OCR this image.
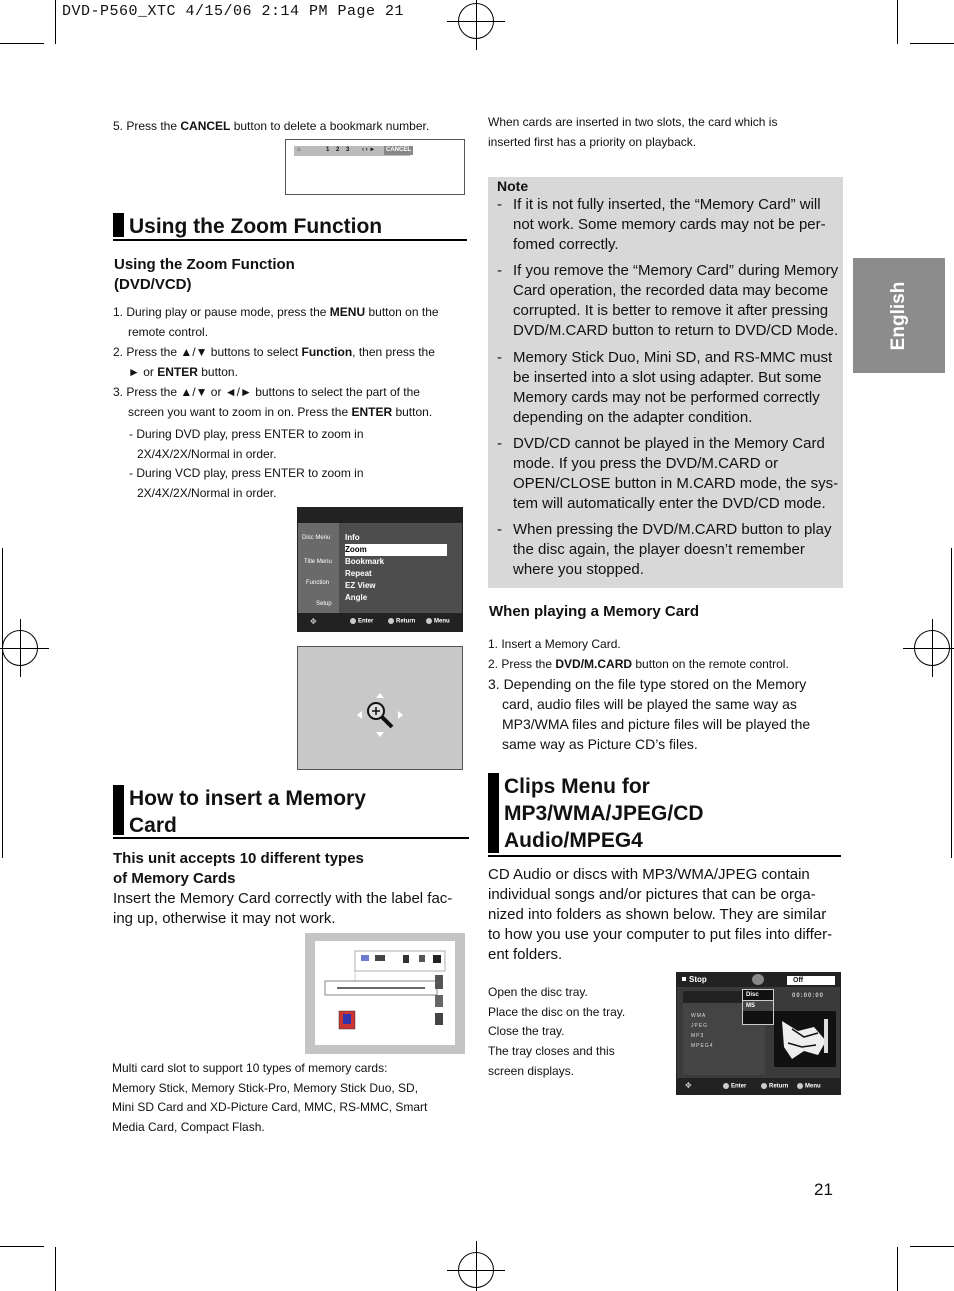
DVD-P560_XTC 4/15/06 2:14 PM Page 21
5. Press the CANCEL button to delete a bookmark number.
⌂	1 2 3 ‹ › ►	CANCEL
Using the Zoom Function
Using the Zoom Function
(DVD/VCD)
1. During play or pause mode, press the MENU button on the
remote control.
2. Press the ▲/▼ buttons to select Function, then press the
► or ENTER button.
3. Press the ▲/▼ or ◄/► buttons to select the part of the
screen you want to zoom in on. Press the ENTER button.
- During DVD play, press ENTER to zoom in
2X/4X/2X/Normal in order.
- During VCD play, press ENTER to zoom in
2X/4X/2X/Normal in order.
Disc Menu
Title Menu
Function
Setup
Info
Zoom
Bookmark
Repeat
EZ View
Angle
✥	Enter	Return	Menu
How to insert a Memory
Card
This unit accepts 10 different types
of Memory Cards
Insert the Memory Card correctly with the label fac-
ing up, otherwise it may not work.
Multi card slot to support 10 types of memory cards:
Memory Stick, Memory Stick-Pro, Memory Stick Duo, SD,
Mini SD Card and XD-Picture Card, MMC, RS-MMC, Smart
Media Card, Compact Flash.
When cards are inserted in two slots, the card which is
inserted first has a priority on playback.
Note
- If it is not fully inserted, the “Memory Card” will
not work. Some memory cards may not be per-
fomed correctly.
- If you remove the “Memory Card” during Memory
Card operation, the recorded data may become
corrupted. It is better to remove it after pressing
DVD/M.CARD button to return to DVD/CD Mode.
- Memory Stick Duo, Mini SD, and RS-MMC must
be inserted into a slot using adapter. But some
Memory cards may not be performed correctly
depending on the adapter condition.
- DVD/CD cannot be played in the Memory Card
mode. If you press the DVD/M.CARD or
OPEN/CLOSE button in M.CARD mode, the sys-
tem will automatically enter the DVD/CD mode.
- When pressing the DVD/M.CARD button to play
the disc again, the player doesn’t remember
where you stopped.
When playing a Memory Card
1. Insert a Memory Card.
2. Press the DVD/M.CARD button on the remote control.
3. Depending on the file type stored on the Memory
card, audio files will be played the same way as
MP3/WMA files and picture files will be played the
same way as Picture CD’s files.
Clips Menu for
MP3/WMA/JPEG/CD
Audio/MPEG4
CD Audio or discs with MP3/WMA/JPEG contain
individual songs and/or pictures that can be orga-
nized into folders as shown below. They are similar
to how you use your computer to put files into differ-
ent folders.
Open the disc tray.
Place the disc on the tray.
Close the tray.
The tray closes and this
screen displays.
Stop	Off
WMA
JPEG
MP3
MPEG4
Disc
MS
00:00:00
✥	Enter	Return	Menu
English
21
